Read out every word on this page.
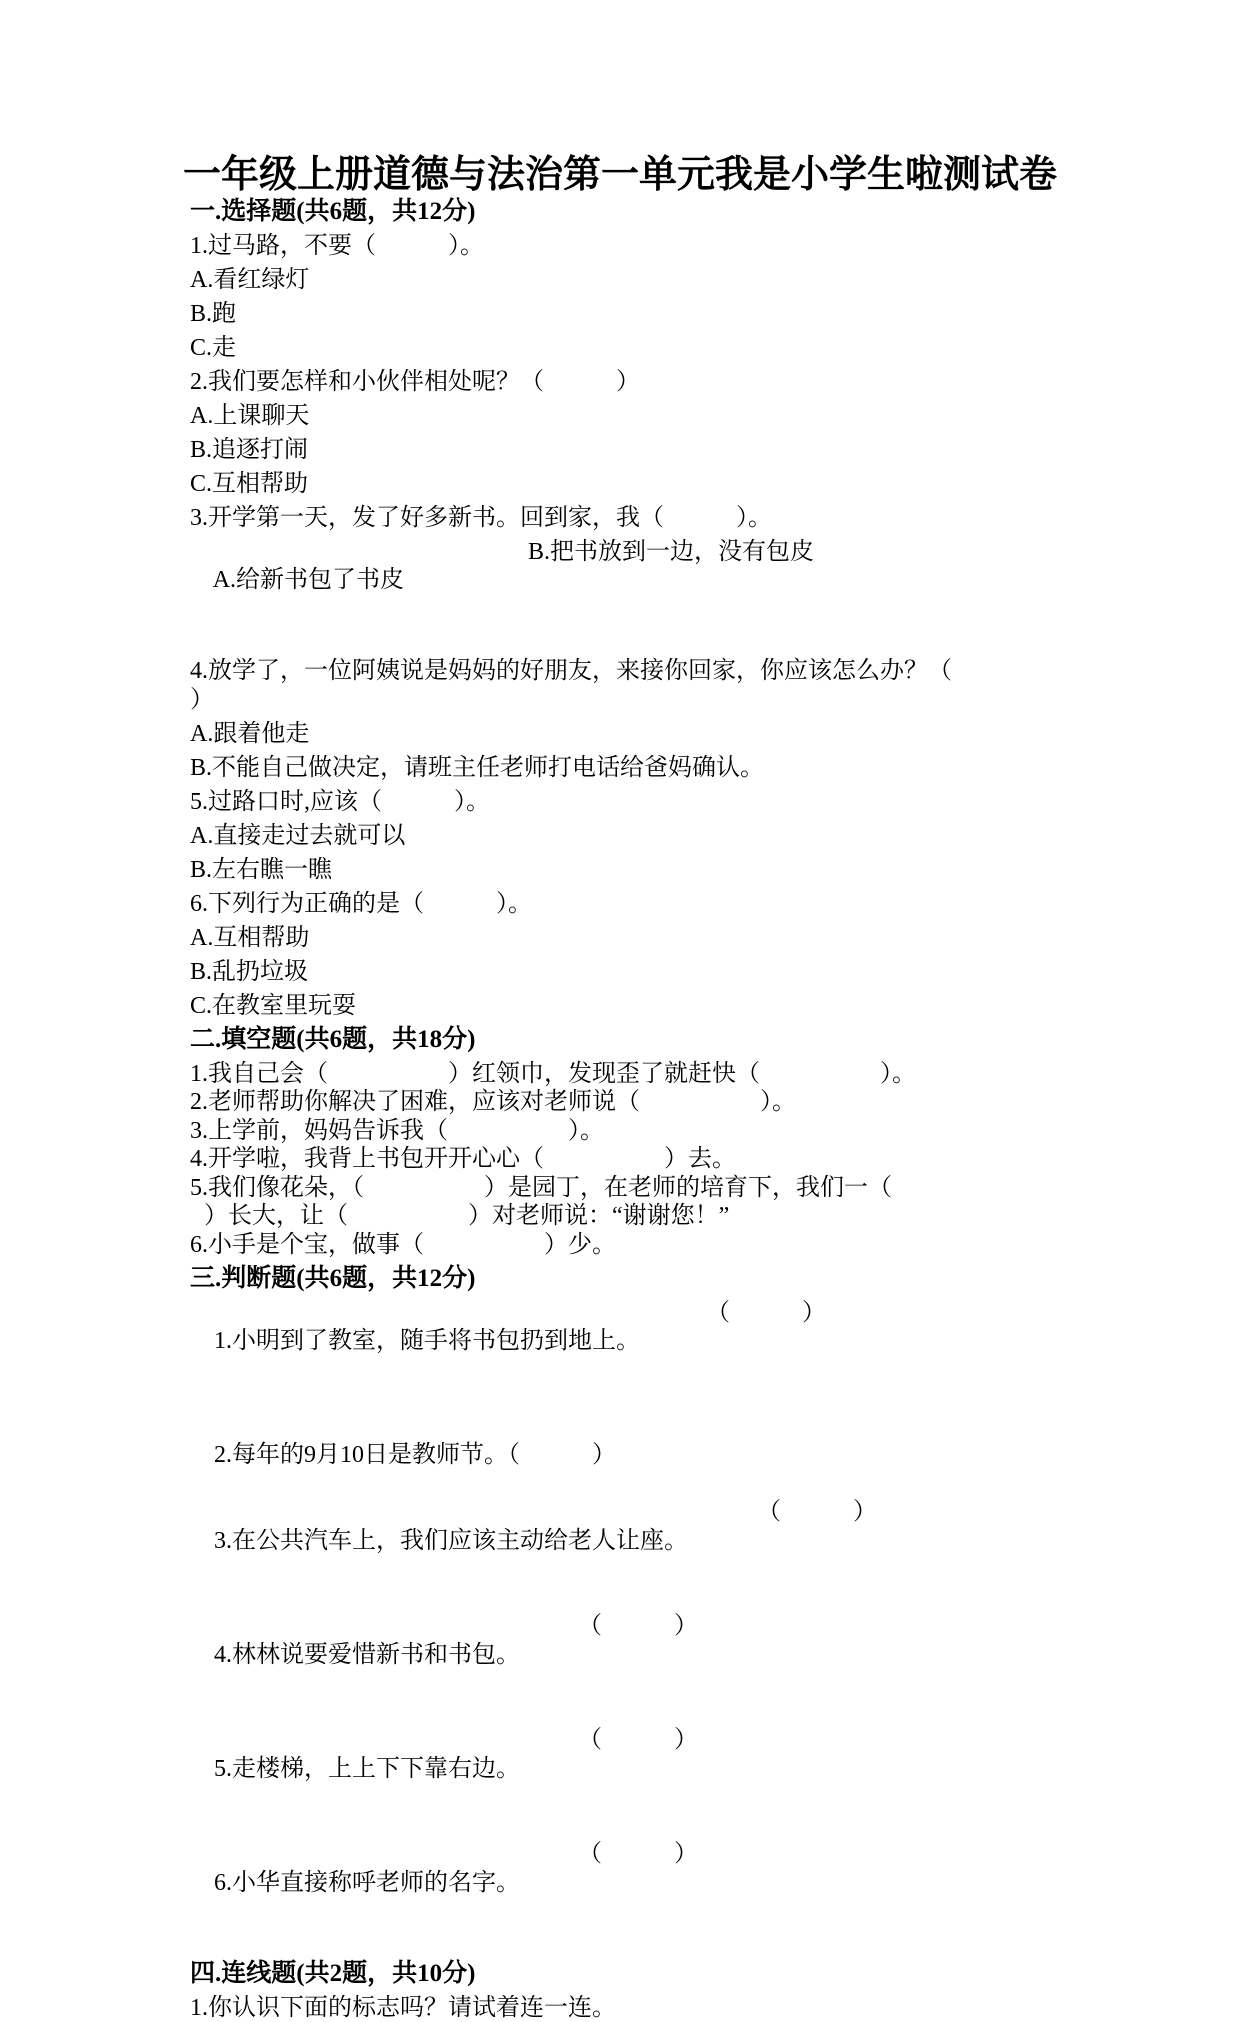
一年级上册道德与法治第一单元我是小学生啦测试卷
一.选择题(共6题，共12分)
1.过马路，不要（　　　）。
A.看红绿灯
B.跑
C.走
2.我们要怎样和小伙伴相处呢？（　　　）
A.上课聊天
B.追逐打闹
C.互相帮助
3.开学第一天，发了好多新书。回到家，我（　　　）。

A.给新书包了书皮

B.把书放到一边，没有包皮

4.放学了，一位阿姨说是妈妈的好朋友，来接你回家，你应该怎么办？（
）
A.跟着他走
B.不能自己做决定，请班主任老师打电话给爸妈确认。
5.过路口时,应该（　　　）。
A.直接走过去就可以
B.左右瞧一瞧
6.下列行为正确的是（　　　）。
A.互相帮助
B.乱扔垃圾
C.在教室里玩耍
二.填空题(共6题，共18分)
1.我自己会（　　　　　）红领巾，发现歪了就赶快（　　　　　）。
2.老师帮助你解决了困难，应该对老师说（　　　　　）。
3.上学前，妈妈告诉我（　　　　　）。
4.开学啦，我背上书包开开心心（　　　　　）去。
5.我们像花朵，（　　　　　）是园丁，在老师的培育下，我们一（
）长大，让（　　　　　）对老师说：“谢谢您！”
6.小手是个宝，做事（　　　　　）少。
三.判断题(共6题，共12分)

1.小明到了教室，随手将书包扔到地上。

（　　　）

2.每年的9月10日是教师节。（　　　）

3.在公共汽车上，我们应该主动给老人让座。

（　　　）

4.林林说要爱惜新书和书包。

（　　　）

5.走楼梯，上上下下靠右边。

（　　　）

6.小华直接称呼老师的名字。

（　　　）

四.连线题(共2题，共10分)
1.你认识下面的标志吗？请试着连一连。
